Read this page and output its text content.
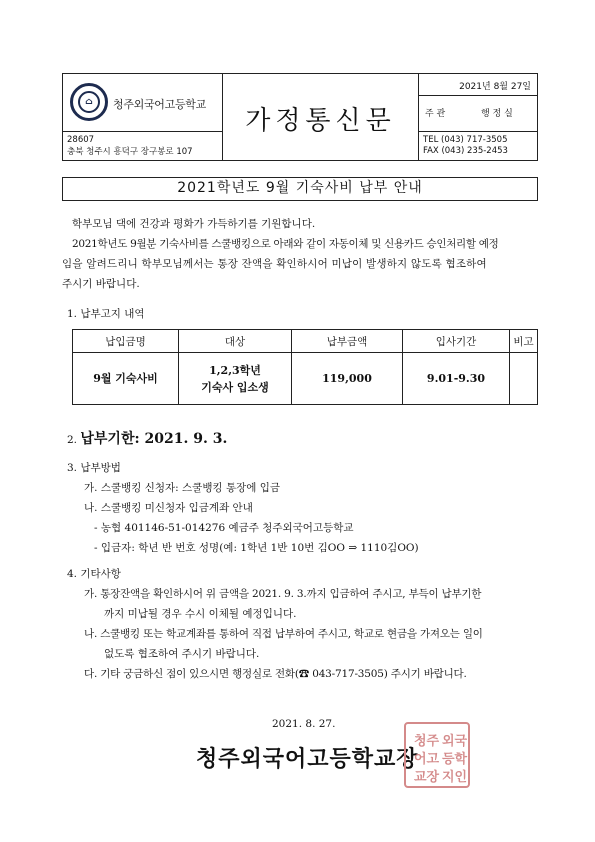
⌂	청주외국어고등학교
28607
충북 청주시 흥덕구 장구봉로 107
가정통신문
2021년 8월 27일
주 관	행 정 실
TEL (043) 717-3505
FAX (043) 235-2453
2021학년도 9월 기숙사비 납부 안내

학부모님 댁에 건강과 평화가 가득하기를 기원합니다.

2021학년도 9월분 기숙사비를 스쿨뱅킹으로 아래와 같이 자동이체 및 신용카드 승인처리할 예정

임을 알려드리니 학부모님께서는 통장 잔액을 확인하시어 미납이 발생하지 않도록 협조하여

주시기 바랍니다.

1. 납부고지 내역
납입금명	대상	납부금액	입사기간	비고
9월 기숙사비	1,2,3학년
기숙사 입소생	119,000	9.01-9.30	
2. 납부기한: 2021. 9. 3.
3. 납부방법
가. 스쿨뱅킹 신청자: 스쿨뱅킹 통장에 입금
나. 스쿨뱅킹 미신청자 입금계좌 안내
- 농협 401146-51-014276 예금주 청주외국어고등학교
- 입금자: 학년 반 번호 성명(예: 1학년 1반 10번 김OO ⇒ 1110김OO)
4. 기타사항
가. 통장잔액을 확인하시어 위 금액을 2021. 9. 3.까지 입금하여 주시고, 부득이 납부기한
까지 미납될 경우 수시 이체될 예정입니다.
나. 스쿨뱅킹 또는 학교계좌를 통하여 직접 납부하여 주시고, 학교로 현금을 가져오는 일이
없도록 협조하여 주시기 바랍니다.
다. 기타 궁금하신 점이 있으시면 행정실로 전화(☎ 043-717-3505) 주시기 바랍니다.
2021. 8. 27.
청주외국어고등학교장
청주 외국
어고 등학
교장 지인
